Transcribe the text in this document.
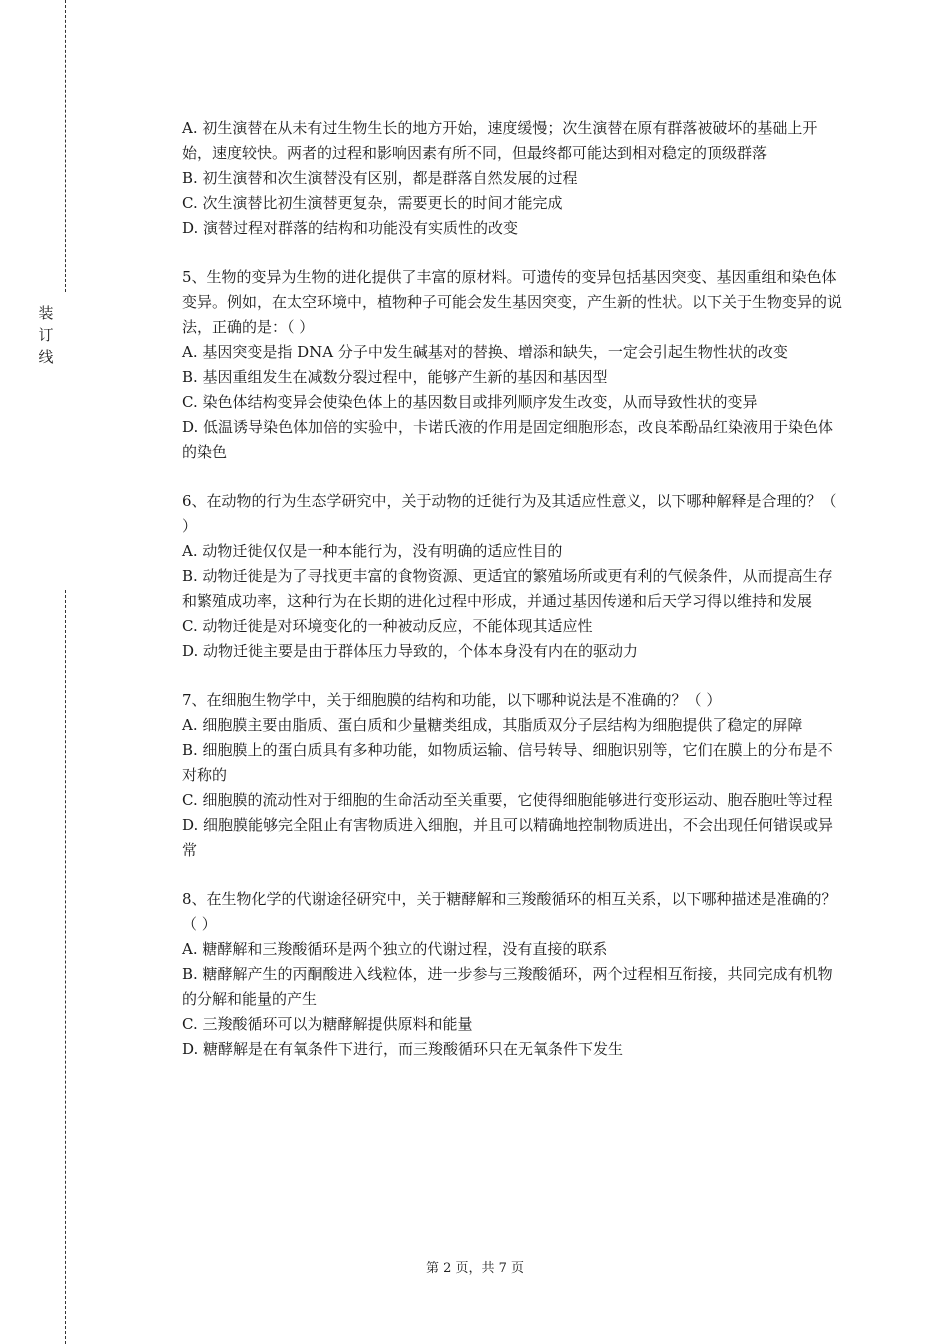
装
订
线

A. 初生演替在从未有过生物生长的地方开始，速度缓慢；次生演替在原有群落被破坏的基础上开始，速度较快。两者的过程和影响因素有所不同，但最终都可能达到相对稳定的顶级群落

B. 初生演替和次生演替没有区别，都是群落自然发展的过程

C. 次生演替比初生演替更复杂，需要更长的时间才能完成

D. 演替过程对群落的结构和功能没有实质性的改变

5、生物的变异为生物的进化提供了丰富的原材料。可遗传的变异包括基因突变、基因重组和染色体变异。例如，在太空环境中，植物种子可能会发生基因突变，产生新的性状。以下关于生物变异的说法，正确的是：（ ）

A. 基因突变是指 DNA 分子中发生碱基对的替换、增添和缺失，一定会引起生物性状的改变

B. 基因重组发生在减数分裂过程中，能够产生新的基因和基因型

C. 染色体结构变异会使染色体上的基因数目或排列顺序发生改变，从而导致性状的变异

D. 低温诱导染色体加倍的实验中，卡诺氏液的作用是固定细胞形态，改良苯酚品红染液用于染色体的染色

6、在动物的行为生态学研究中，关于动物的迁徙行为及其适应性意义，以下哪种解释是合理的？（ ）

A. 动物迁徙仅仅是一种本能行为，没有明确的适应性目的

B. 动物迁徙是为了寻找更丰富的食物资源、更适宜的繁殖场所或更有利的气候条件，从而提高生存和繁殖成功率，这种行为在长期的进化过程中形成，并通过基因传递和后天学习得以维持和发展

C. 动物迁徙是对环境变化的一种被动反应，不能体现其适应性

D. 动物迁徙主要是由于群体压力导致的，个体本身没有内在的驱动力

7、在细胞生物学中，关于细胞膜的结构和功能，以下哪种说法是不准确的？（ ）

A. 细胞膜主要由脂质、蛋白质和少量糖类组成，其脂质双分子层结构为细胞提供了稳定的屏障

B. 细胞膜上的蛋白质具有多种功能，如物质运输、信号转导、细胞识别等，它们在膜上的分布是不对称的

C. 细胞膜的流动性对于细胞的生命活动至关重要，它使得细胞能够进行变形运动、胞吞胞吐等过程

D. 细胞膜能够完全阻止有害物质进入细胞，并且可以精确地控制物质进出，不会出现任何错误或异常

8、在生物化学的代谢途径研究中，关于糖酵解和三羧酸循环的相互关系，以下哪种描述是准确的？（ ）

A. 糖酵解和三羧酸循环是两个独立的代谢过程，没有直接的联系

B. 糖酵解产生的丙酮酸进入线粒体，进一步参与三羧酸循环，两个过程相互衔接，共同完成有机物的分解和能量的产生

C. 三羧酸循环可以为糖酵解提供原料和能量

D. 糖酵解是在有氧条件下进行，而三羧酸循环只在无氧条件下发生

第 2 页，共 7 页
